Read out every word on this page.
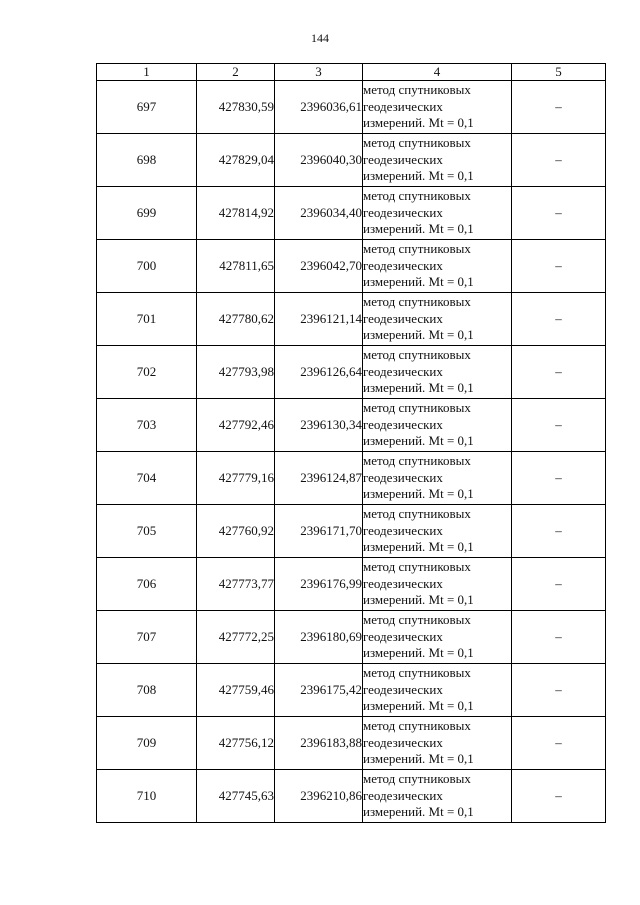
144
1	2	3	4	5
697	427830,59	2396036,61	метод спутниковых
геодезических
измерений. Mt = 0,1	–
698	427829,04	2396040,30	метод спутниковых
геодезических
измерений. Mt = 0,1	–
699	427814,92	2396034,40	метод спутниковых
геодезических
измерений. Mt = 0,1	–
700	427811,65	2396042,70	метод спутниковых
геодезических
измерений. Mt = 0,1	–
701	427780,62	2396121,14	метод спутниковых
геодезических
измерений. Mt = 0,1	–
702	427793,98	2396126,64	метод спутниковых
геодезических
измерений. Mt = 0,1	–
703	427792,46	2396130,34	метод спутниковых
геодезических
измерений. Mt = 0,1	–
704	427779,16	2396124,87	метод спутниковых
геодезических
измерений. Mt = 0,1	–
705	427760,92	2396171,70	метод спутниковых
геодезических
измерений. Mt = 0,1	–
706	427773,77	2396176,99	метод спутниковых
геодезических
измерений. Mt = 0,1	–
707	427772,25	2396180,69	метод спутниковых
геодезических
измерений. Mt = 0,1	–
708	427759,46	2396175,42	метод спутниковых
геодезических
измерений. Mt = 0,1	–
709	427756,12	2396183,88	метод спутниковых
геодезических
измерений. Mt = 0,1	–
710	427745,63	2396210,86	метод спутниковых
геодезических
измерений. Mt = 0,1	–
